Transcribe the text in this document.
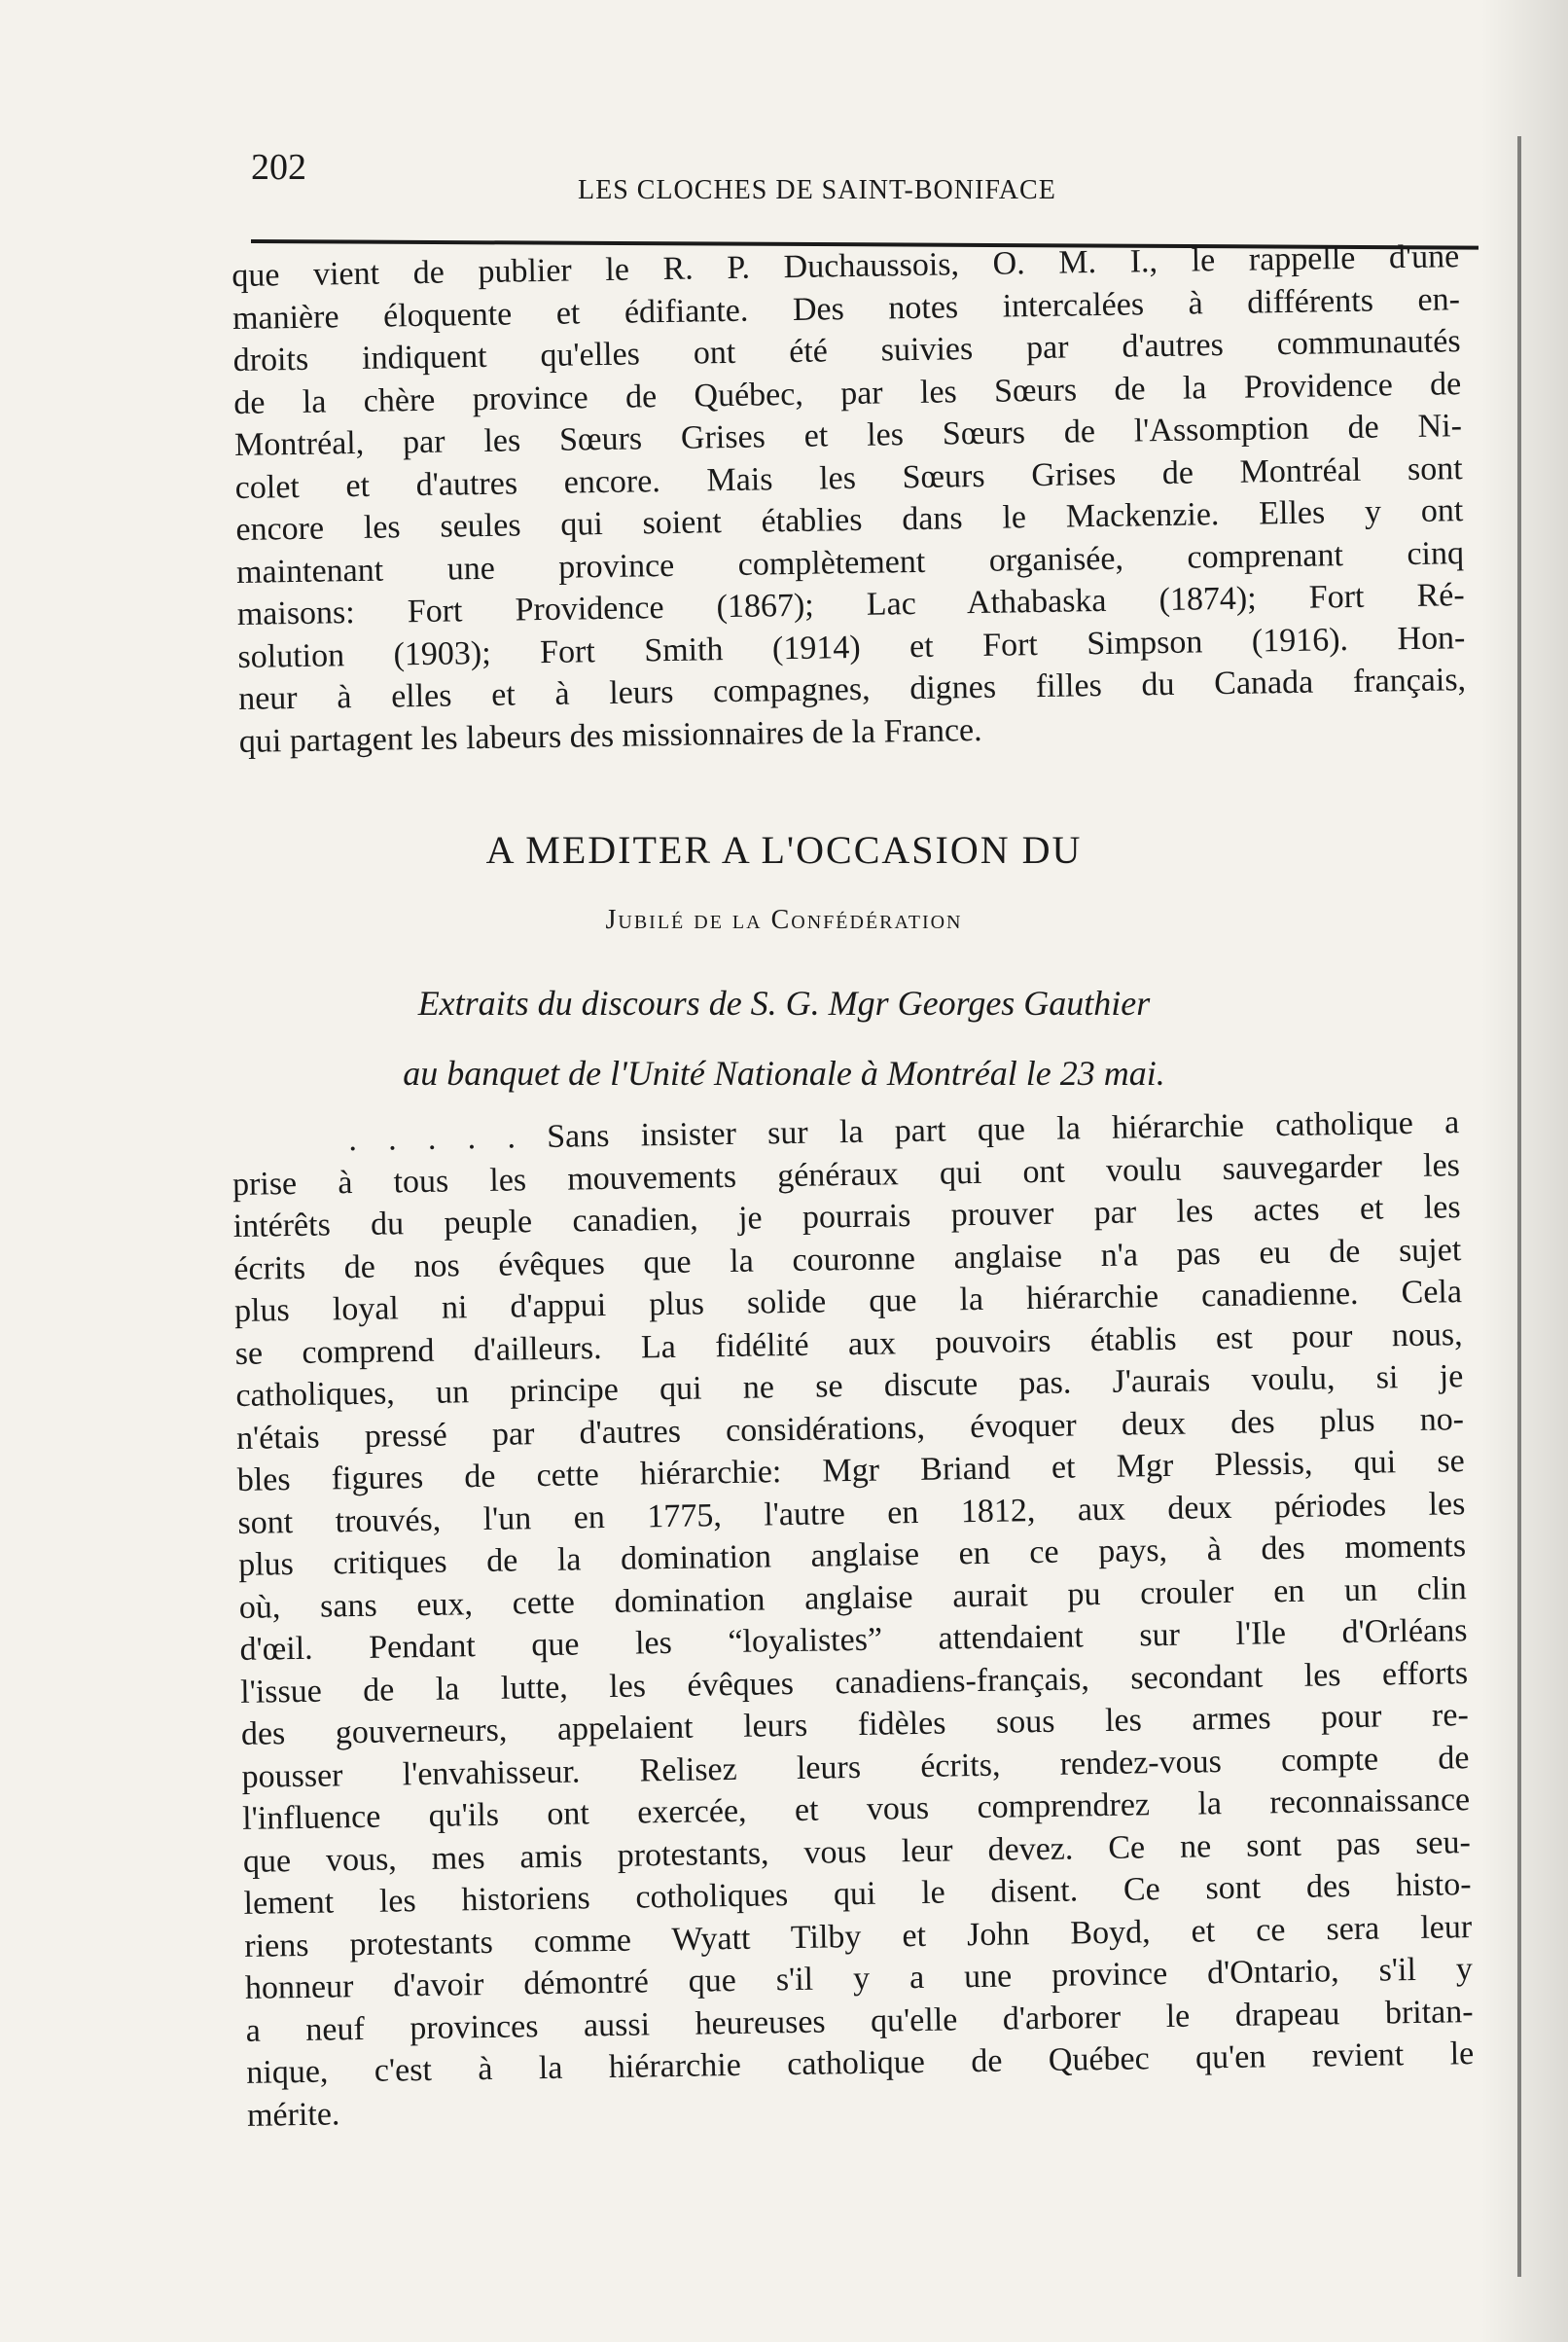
202
LES CLOCHES DE SAINT-BONIFACE
que vient de publier le R. P. Duchaussois, O. M. I., le rappelle d'une
manière éloquente et édifiante. Des notes intercalées à différents en-
droits indiquent qu'elles ont été suivies par d'autres communautés
de la chère province de Québec, par les Sœurs de la Providence de
Montréal, par les Sœurs Grises et les Sœurs de l'Assomption de Ni-
colet et d'autres encore. Mais les Sœurs Grises de Montréal sont
encore les seules qui soient établies dans le Mackenzie. Elles y ont
maintenant une province complètement organisée, comprenant cinq
maisons: Fort Providence (1867); Lac Athabaska (1874); Fort Ré-
solution (1903); Fort Smith (1914) et Fort Simpson (1916). Hon-
neur à elles et à leurs compagnes, dignes filles du Canada français,
qui partagent les labeurs des missionnaires de la France.
A MEDITER A L'OCCASION DU
Jubilé de la Confédération
Extraits du discours de S. G. Mgr Georges Gauthier
au banquet de l'Unité Nationale à Montréal le 23 mai.
. . . . . Sans insister sur la part que la hiérarchie catholique a
prise à tous les mouvements généraux qui ont voulu sauvegarder les
intérêts du peuple canadien, je pourrais prouver par les actes et les
écrits de nos évêques que la couronne anglaise n'a pas eu de sujet
plus loyal ni d'appui plus solide que la hiérarchie canadienne. Cela
se comprend d'ailleurs. La fidélité aux pouvoirs établis est pour nous,
catholiques, un principe qui ne se discute pas. J'aurais voulu, si je
n'étais pressé par d'autres considérations, évoquer deux des plus no-
bles figures de cette hiérarchie: Mgr Briand et Mgr Plessis, qui se
sont trouvés, l'un en 1775, l'autre en 1812, aux deux périodes les
plus critiques de la domination anglaise en ce pays, à des moments
où, sans eux, cette domination anglaise aurait pu crouler en un clin
d'œil. Pendant que les “loyalistes” attendaient sur l'Ile d'Orléans
l'issue de la lutte, les évêques canadiens-français, secondant les efforts
des gouverneurs, appelaient leurs fidèles sous les armes pour re-
pousser l'envahisseur. Relisez leurs écrits, rendez-vous compte de
l'influence qu'ils ont exercée, et vous comprendrez la reconnaissance
que vous, mes amis protestants, vous leur devez. Ce ne sont pas seu-
lement les historiens cotholiques qui le disent. Ce sont des histo-
riens protestants comme Wyatt Tilby et John Boyd, et ce sera leur
honneur d'avoir démontré que s'il y a une province d'Ontario, s'il y
a neuf provinces aussi heureuses qu'elle d'arborer le drapeau britan-
nique, c'est à la hiérarchie catholique de Québec qu'en revient le
mérite.
